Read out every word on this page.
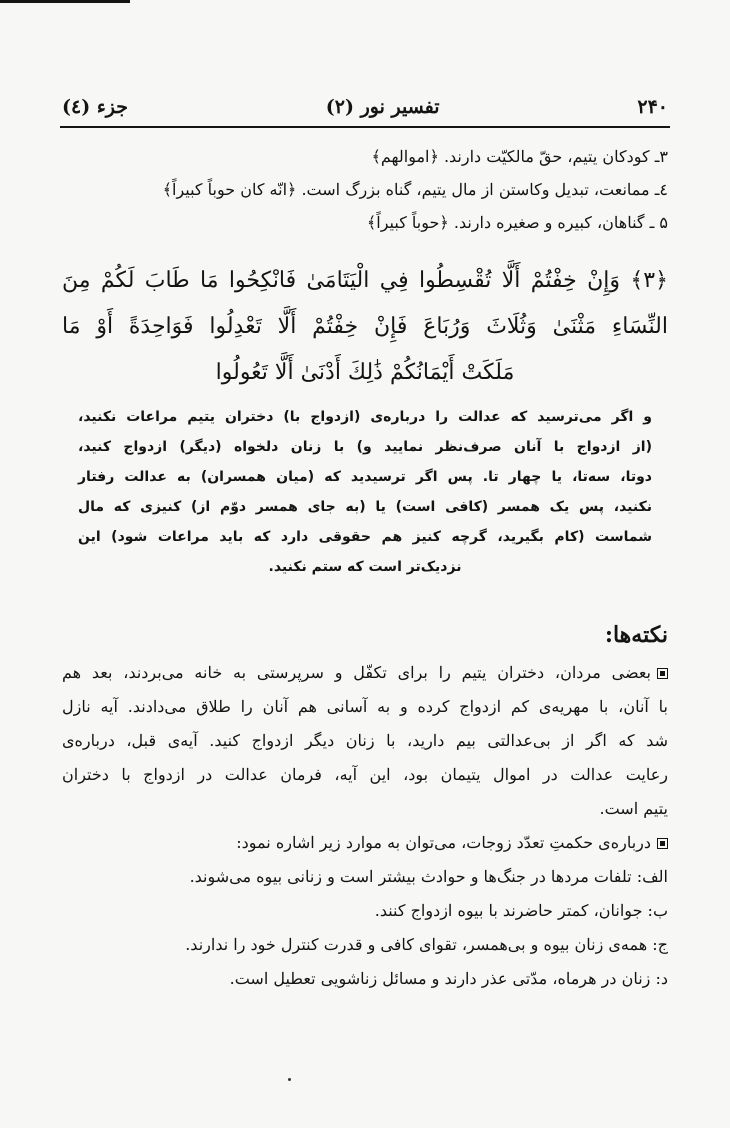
۲۴۰
تفسیر نور (۲)
جزء (٤)
۳ـ کودکان یتیم، حقّ مالکیّت دارند. ﴿اموالهم﴾
٤ـ ممانعت، تبدیل وکاستن از مال یتیم، گناه بزرگ است. ﴿انّه کان حوباً کبیراً﴾
۵ ـ گناهان، کبیره و صغیره دارند. ﴿حوباً کبیراً﴾
﴿۳﴾ وَإِنْ خِفْتُمْ أَلَّا تُقْسِطُوا فِي الْيَتَامَىٰ فَانْكِحُوا مَا طَابَ لَكُمْ مِنَ
النِّسَاءِ مَثْنَىٰ وَثُلَاثَ وَرُبَاعَ فَإِنْ خِفْتُمْ أَلَّا تَعْدِلُوا فَوَاحِدَةً أَوْ مَا
مَلَكَتْ أَيْمَانُكُمْ ذَٰلِكَ أَدْنَىٰ أَلَّا تَعُولُوا
و اگر می‌ترسید که عدالت را درباره‌ی (ازدواج با) دختران یتیم مراعات نکنید،
(از ازدواج با آنان صرف‌نظر نمایید و) با زنان دلخواه (دیگر) ازدواج کنید،
دوتا، سه‌تا، یا چهار تا. پس اگر ترسیدید که (میان همسران) به عدالت رفتار
نکنید، پس یک همسر (کافی است) یا (به جای همسر دوّم از) کنیزی که مال
شماست (کام بگیرید، گرچه کنیز هم حقوقی دارد که باید مراعات شود) این
نزدیک‌تر است که ستم نکنید.
نکته‌ها:
بعضی مردان، دختران یتیم را برای تکفّل و سرپرستی به خانه می‌بردند، بعد هم
با آنان، با مهریه‌ی کم ازدواج کرده و به آسانی هم آنان را طلاق می‌دادند. آیه نازل
شد که اگر از بی‌عدالتی بیم دارید، با زنان دیگر ازدواج کنید. آیه‌ی قبل، درباره‌ی
رعایت عدالت در اموال یتیمان بود، این آیه، فرمان عدالت در ازدواج با دختران
یتیم است.
درباره‌ی حکمتِ تعدّد زوجات، می‌توان به موارد زیر اشاره نمود:
الف: تلفات مردها در جنگ‌ها و حوادث بیشتر است و زنانی بیوه می‌شوند.
ب: جوانان، کمتر حاضرند با بیوه ازدواج کنند.
ج: همه‌ی زنان بیوه و بی‌همسر، تقوای کافی و قدرت کنترل خود را ندارند.
د: زنان در هرماه، مدّتی عذر دارند و مسائل زناشویی تعطیل است.
